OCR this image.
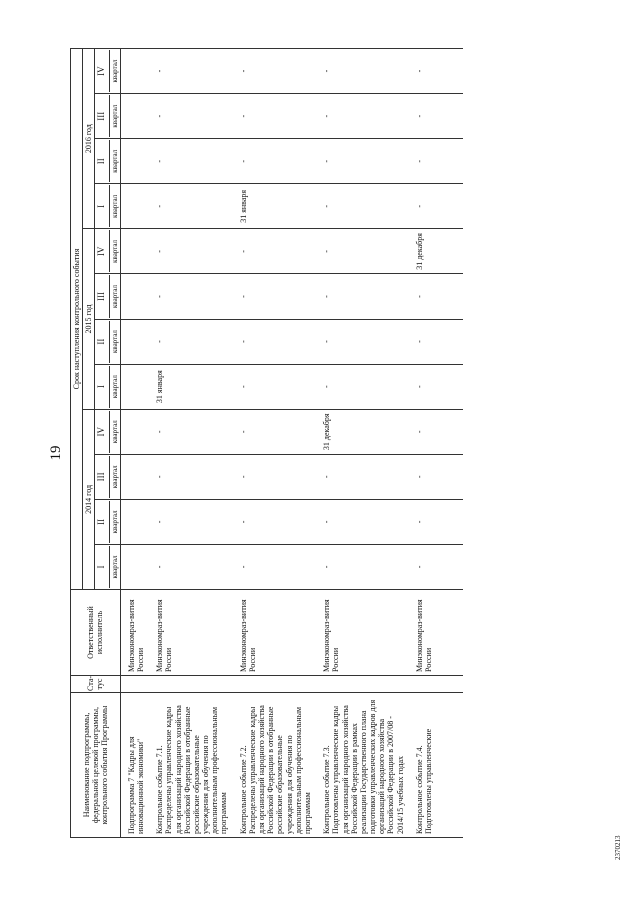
19
Наименование подпрограммы, федеральной целевой программы, контрольного события Программы	Ста-тус	Ответственный исполнитель	Срок наступления контрольного события											
			2014 год				2015 год				2016 год			

			I квартал	II квартал	III квартал	IV квартал	I квартал	II квартал	III квартал	IV квартал	I квартал	II квартал	III квартал	IV квартал

Подпрограмма 7 "Кадры для инновационной экономики"		Минэкономраз-вития России												
Контрольное событие 7.1. Распределены управленческие кадры для организаций народного хозяйства Российской Федерации в отобранные российские образовательные учреждения для обучения по дополнительным профессиональным программам		Минэкономраз-вития России	-	-	-	-	31 января	-	-	-	-	-	-	-
Контрольное событие 7.2. Распределены управленческие кадры для организаций народного хозяйства Российской Федерации в отобранные российские образовательные учреждения для обучения по дополнительным профессиональным программам		Минэкономраз-вития России	-	-	-	-	-	-	-	-	31 января	-	-	-
Контрольное событие 7.3. Подготовлены управленческие кадры для организаций народного хозяйства Российской Федерации в рамках реализации Государственного плана подготовки управленческих кадров для организаций народного хозяйства Российской Федерации в 2007/08 - 2014/15 учебных годах		Минэкономраз-вития России	-	-	-	31 декабря	-	-	-	-	-	-	-	-
Контрольное событие 7.4. Подготовлены управленческие		Минэкономраз-вития России	-	-	-	-	-	-	-	31 декабря	-	-	-	-
2370213
